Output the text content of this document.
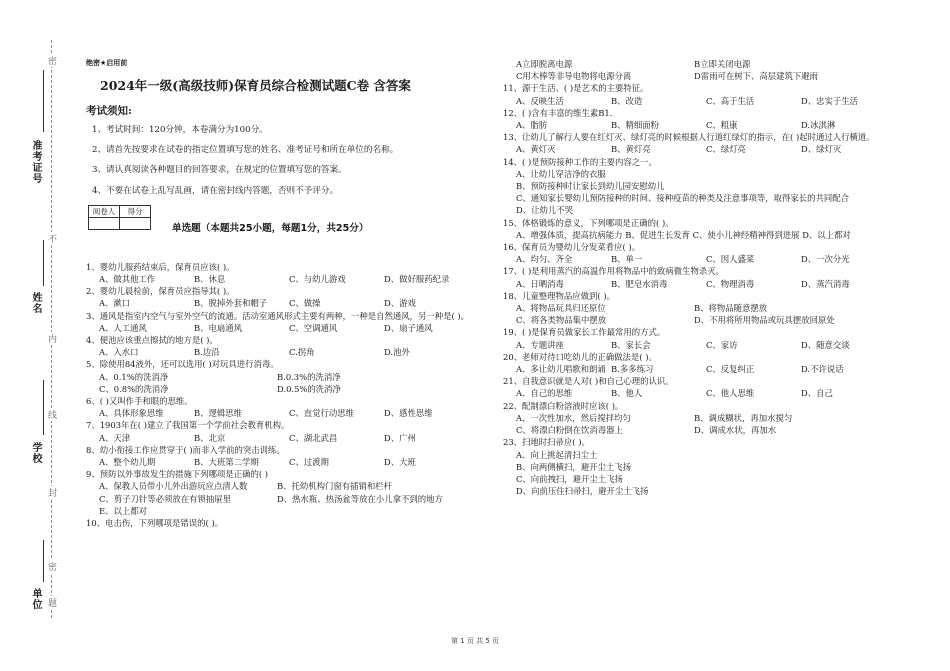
准考证号
姓名
学校
单位
密
不
内
线
封
密
题
绝密★启用前
2024年一级(高级技师)保育员综合检测试题C卷 含答案
考试须知:

1、考试时间：120分钟，本卷满分为100分。

2、请首先按要求在试卷的指定位置填写您的姓名、准考证号和所在单位的名称。

3、请认真阅读各种题目的回答要求，在规定的位置填写您的答案。

4、不要在试卷上乱写乱画，请在密封线内答题，否则不予评分。

阅卷人	得分

单选题（本题共25小题，每题1分，共25分）

1、婴幼儿服药结束后，保育员应该( )。

A、做其他工作	B、休息	C、与幼儿游戏	D、做好服药纪录

2、婴幼儿晨检前，保育员应指导其( )。

A、漱口	B、脱掉外套和帽子	C、做操	D、游戏

3、通风是指室内空气与室外空气的流通。活动室通风形式主要有两种，一种是自然通风，另一种是( )。

A、人工通风	B、电扇通风	C、空调通风	D、扇子通风

4、便池应该重点擦拭的地方是( )。

A、入水口	B.边沿	C.拐角	D.池外

5、除使用84液外，还可以选用( )对玩具进行消毒。

A、0.1%的洗消净	B.0.3%的洗消净

C、0.8%的洗消净	D.0.5%的洗消净

6、( )又叫作手和眼的思维。

A、具体形象思维	B、逻辑思维	C、直觉行动思维	D、感性思维

7、1903年在( )建立了我国第一个学前社会教育机构。

A、天津	B、北京	C、湖北武昌	D、广州

8、幼小衔接工作应贯穿于( )而非入学前的突击训练。

A、整个幼儿期	B、大班第二学期	C、过渡期	D、大班

9、预防以外事故发生的措施下列哪项是正确的( )

A、保教人员带小儿外出游玩应点清人数	B、托幼机构门窗有插销和栏杆

C、剪子刀针等必须放在有锁抽屉里	D、热水瓶、热汤盆等放在小儿拿不到的地方

E、以上都对

10、电击伤，下列哪项是错误的( )。

A立即脱离电源	B立即关闭电源

C用木棒等非导电物将电源分离	D雷雨可在树下、高层建筑下避雨

11、源于生活、( )是艺术的主要特征。

A、反映生活	B、改造	C、高于生活	D、忠实于生活

12、( )含有丰富的维生素B1.

A、脂肪	B、精细面粉	C、粗康	D.冰淇淋

13、让幼儿了解行人要在红灯灭、绿灯亮的时候根据人行道红绿灯的指示，在( )起时通过人行横道。

A、黄灯灭	B、黄灯亮	C、绿灯亮	D、绿灯灭

14、( )是预防接种工作的主要内容之一。

A、让幼儿穿洁净的衣服

B、预防接种时让家长到幼儿园安慰幼儿

C、通知家长婴幼儿预防接种的时间、接种疫苗的种类及注意事项等，取得家长的共同配合

D、让幼儿不哭

15、体格锻炼的意义，下列哪项是正确的( )。

A、增强体质，提高抗病能力 B、促进生长发育 C、使小儿神经精神得到进展 D、以上都对

16、保育员为婴幼儿分发菜肴应( )。

A、均匀、齐全	B、单一	C、因人盛菜	D、一次分光

17、( )是利用蒸汽的高温作用将物品中的致病微生物杀灭。

A、日晒消毒	B、肥皂水消毒	C、物理消毒	D、蒸汽消毒

18、儿童整理物品应做到( )。

A、将物品玩具归还原位	B、将物品随意摆放

C、将各类物品集中摆放	D、不用将所用物品或玩具摆放回原处

19、( )是保育员做家长工作最常用的方式。

A、专题讲座	B、家长会	C、家访	D、随意交谈

20、老师对待口吃幼儿的正确做法是( )。

A、多让幼儿唱歌和朗诵 B.多多练习	C、反复纠正	D.不许说话

21、自我意识就是人对( )和自己心理的认识。

A、自己的思维	B、他人	C、他人思维	D、自己

22、配制漂白粉溶液时应该( )。

A、一次性加水，然后搅拌均匀	B、调成糊状，再加水搅匀

C、将漂白粉倒在饮消毒器上	D、调成水状，再加水

23、扫地时扫帚应( )。

A、向上挑起清扫尘土

B、向两侧横扫，避开尘土飞扬

C、向前拽扫，避开尘土飞扬

D、向前压住扫帚扫，避开尘土飞扬

第 1 页 共 5 页
